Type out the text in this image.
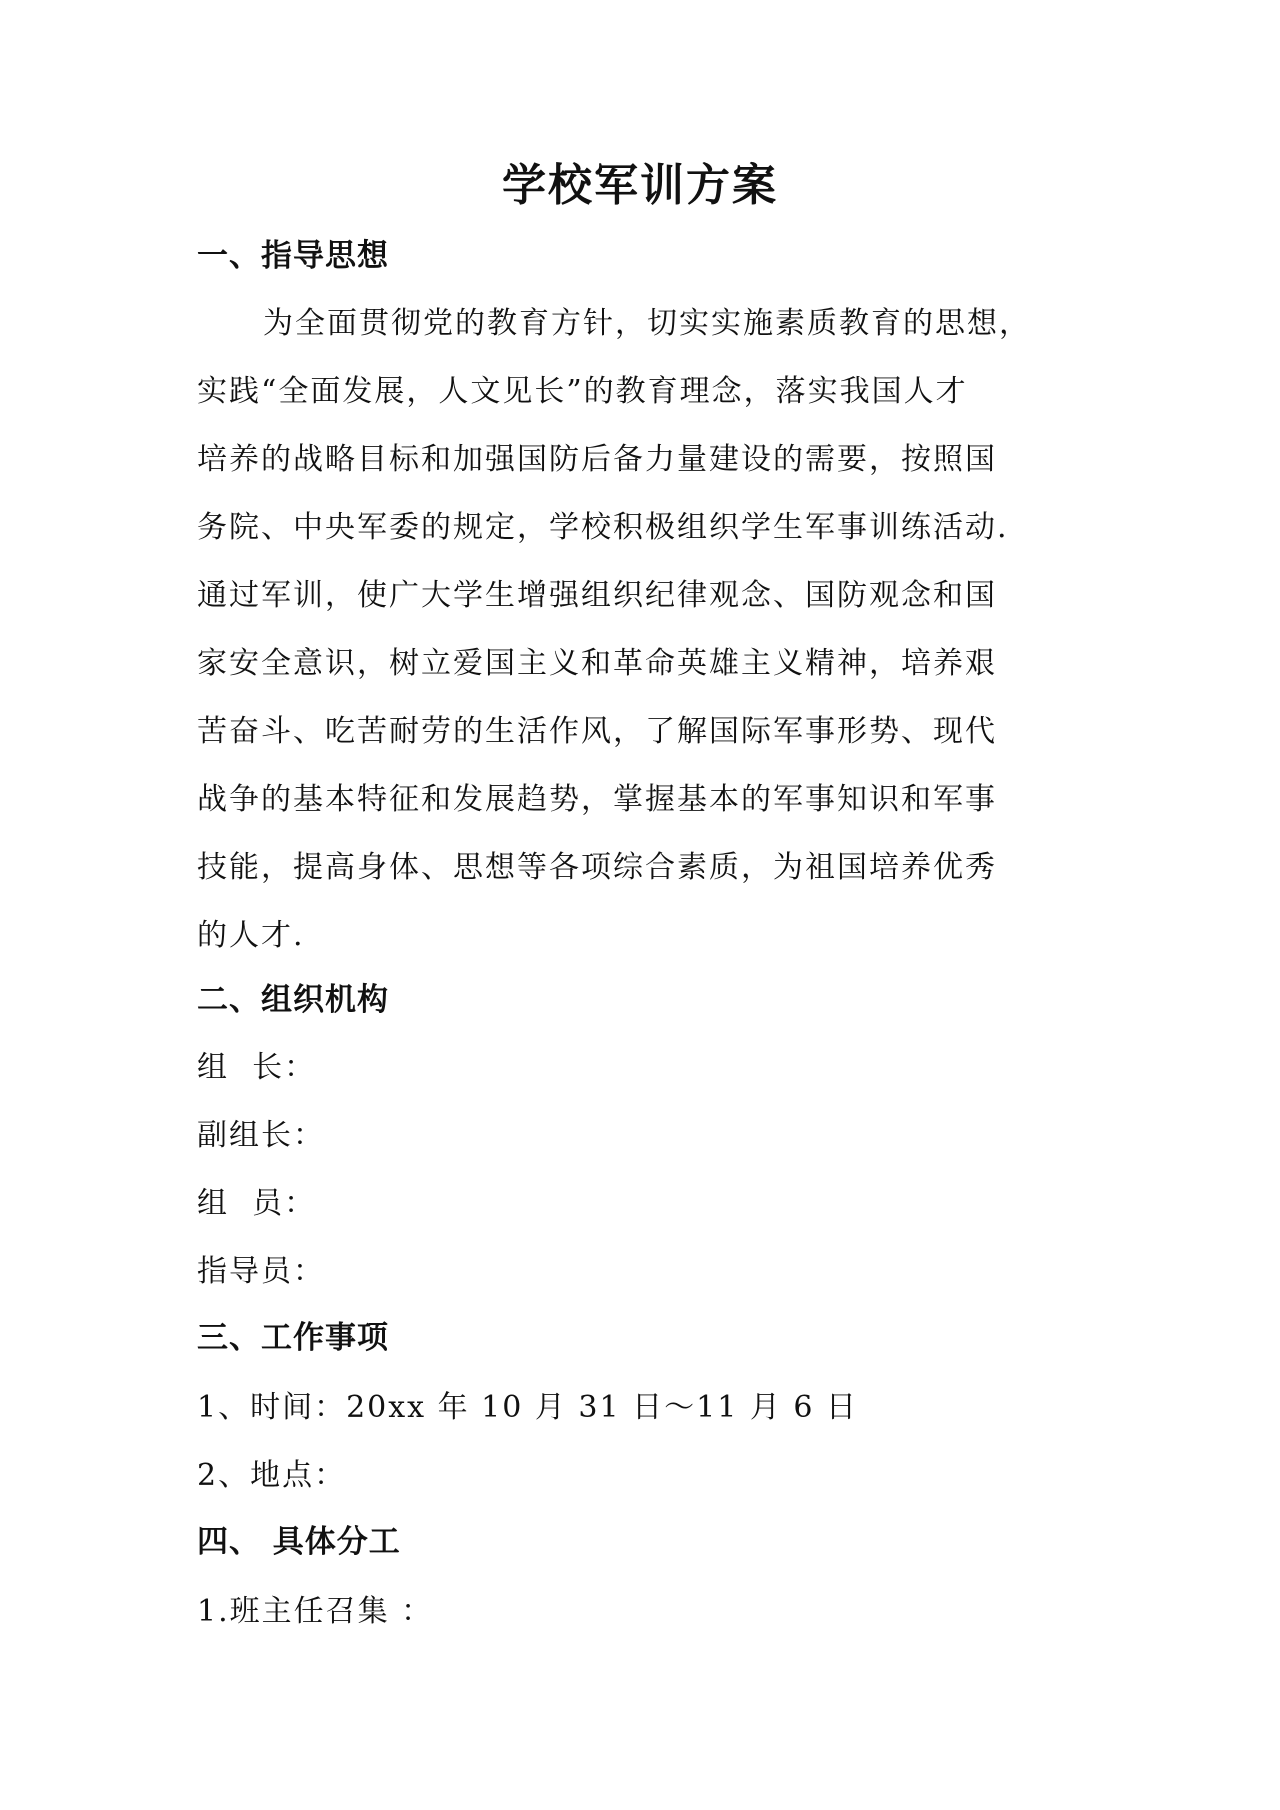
学校军训方案
一、指导思想
为全面贯彻党的教育方针，切实实施素质教育的思想，
实践“全面发展，人文见长”的教育理念，落实我国人才
培养的战略目标和加强国防后备力量建设的需要，按照国
务院、中央军委的规定，学校积极组织学生军事训练活动.
通过军训，使广大学生增强组织纪律观念、国防观念和国
家安全意识，树立爱国主义和革命英雄主义精神，培养艰
苦奋斗、吃苦耐劳的生活作风，了解国际军事形势、现代
战争的基本特征和发展趋势，掌握基本的军事知识和军事
技能，提高身体、思想等各项综合素质，为祖国培养优秀
的人才.
二、组织机构
组  长：
副组长：
组  员：
指导员：
三、工作事项
1、时间：20xx 年 10 月 31 日～11 月 6 日
2、地点：
四、 具体分工
1.班主任召集 ：
